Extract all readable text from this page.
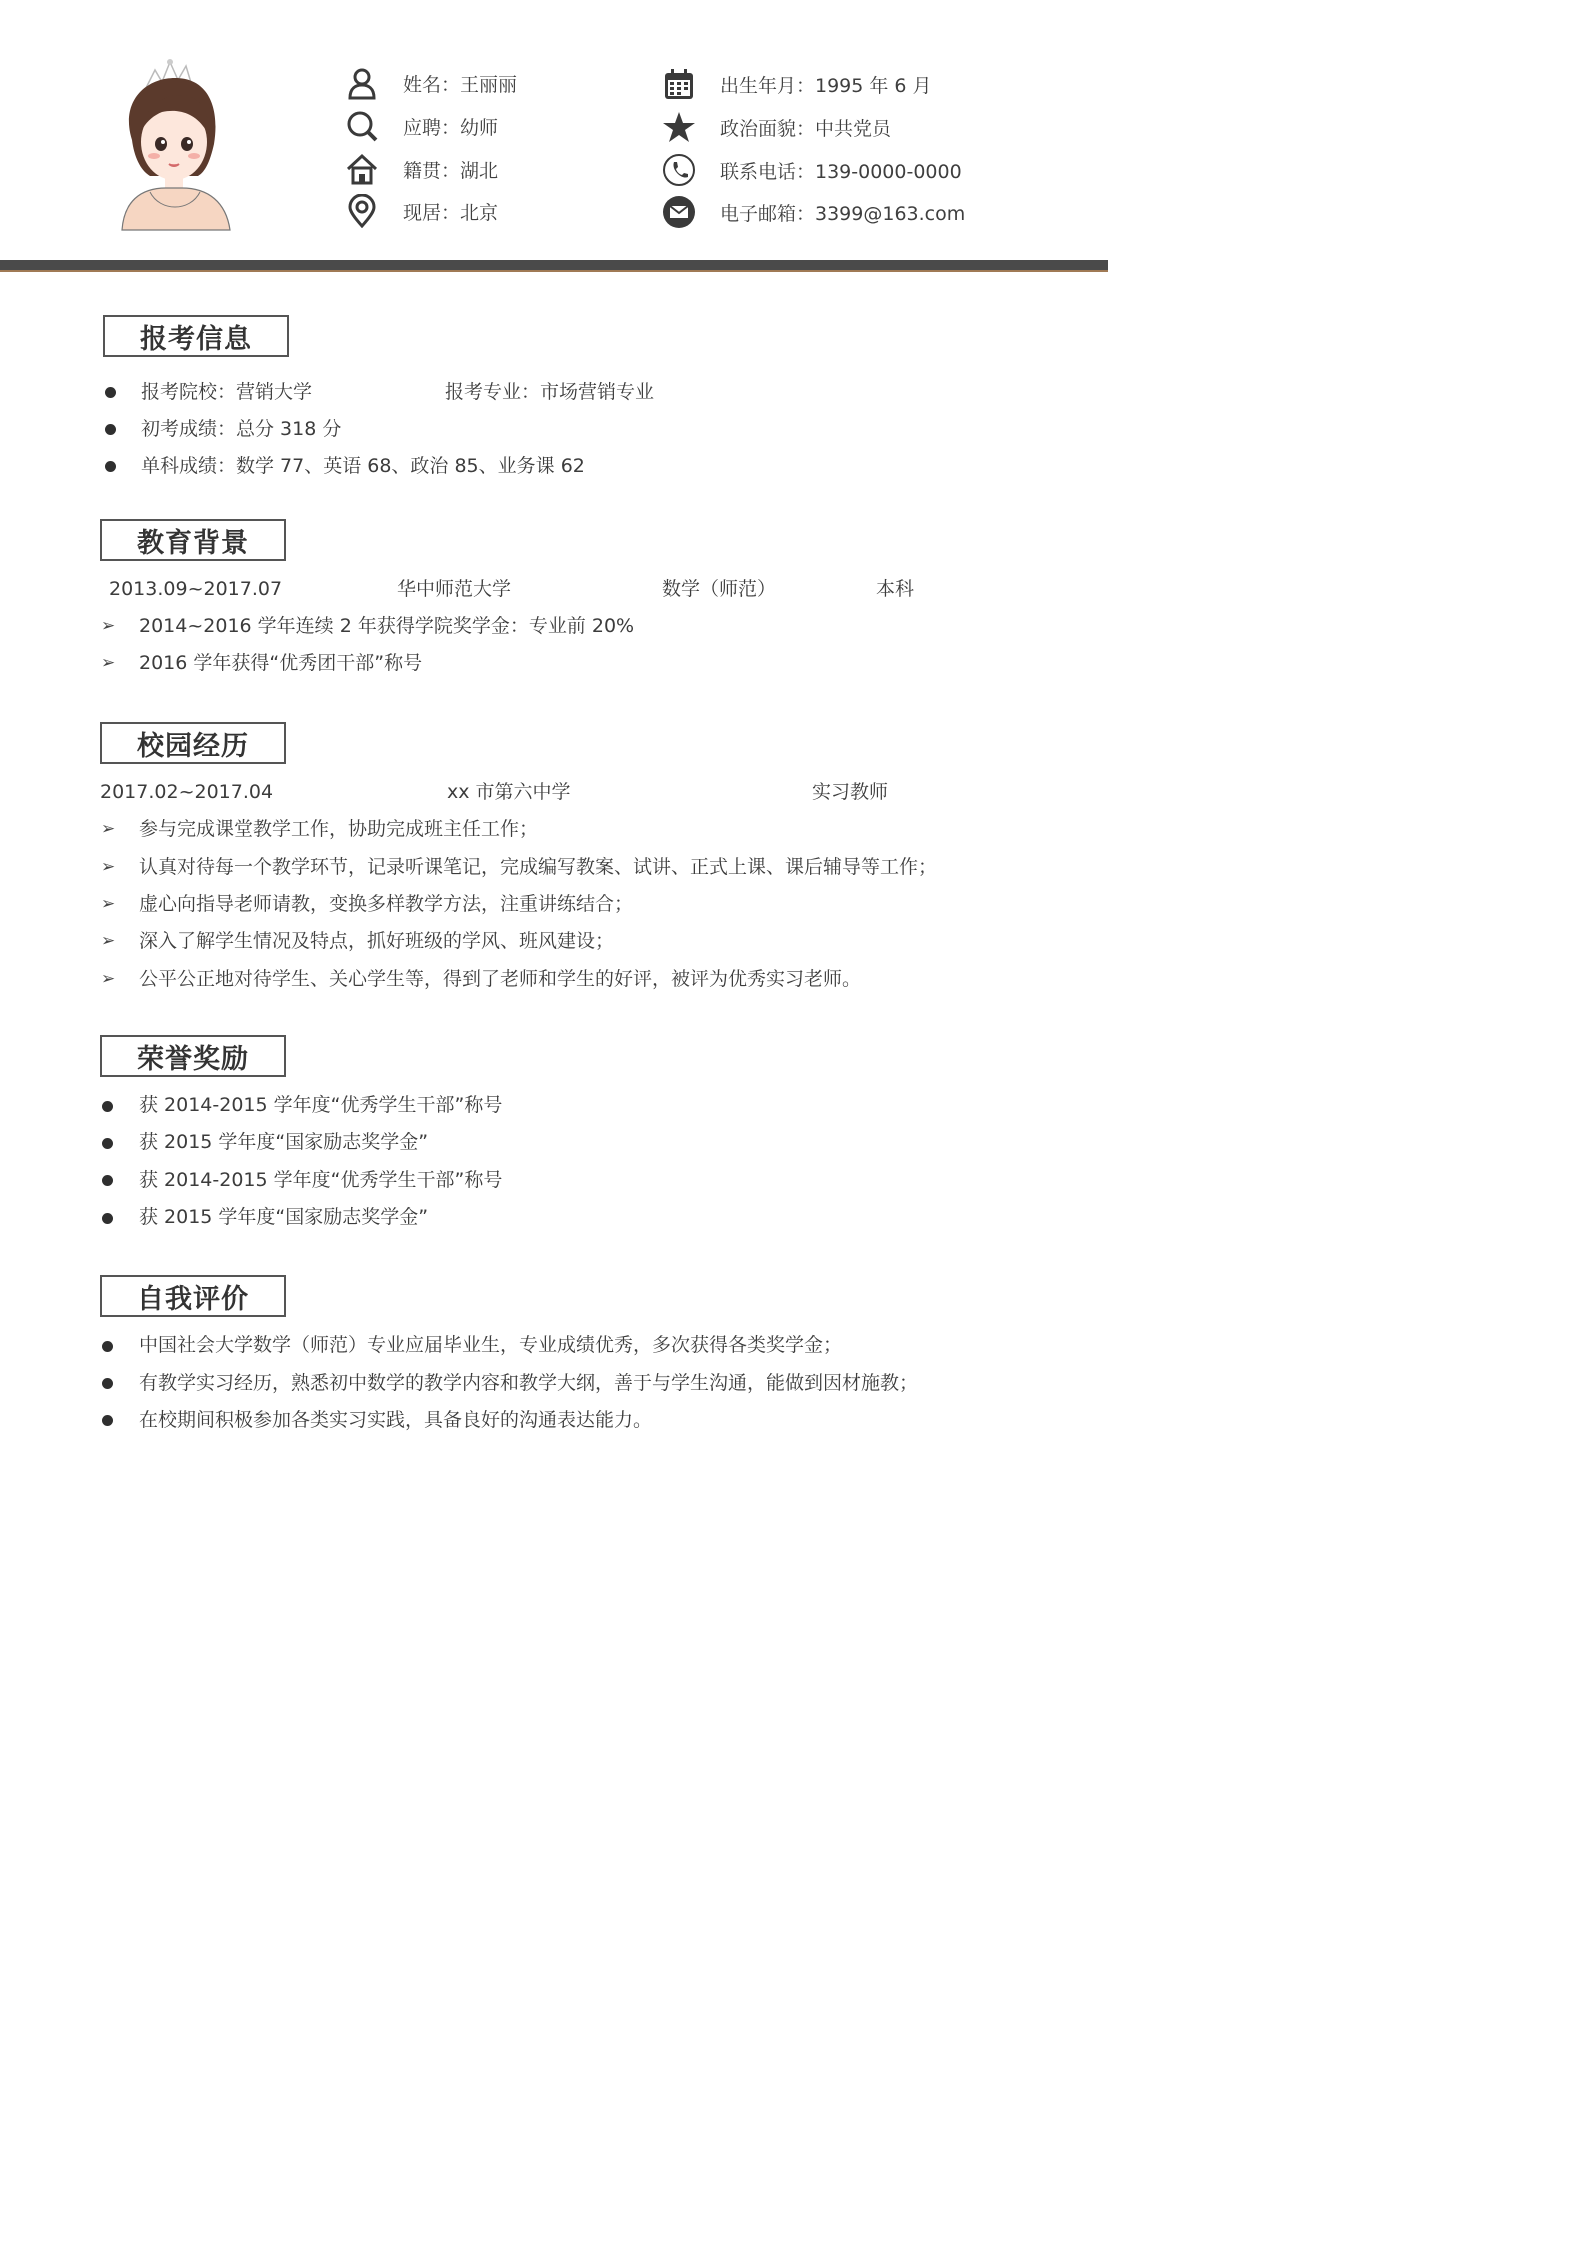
姓名：王丽丽
应聘：幼师
籍贯：湖北
现居：北京
出生年月：1995 年 6 月
政治面貌：中共党员
联系电话：139-0000-0000
电子邮箱：3399@163.com
报考信息
报考院校：营销大学	报考专业：市场营销专业
初考成绩：总分 318 分
单科成绩：数学 77、英语 68、政治 85、业务课 62
教育背景
2013.09~2017.07	华中师范大学	数学（师范）	本科
➢ 2014~2016 学年连续 2 年获得学院奖学金：专业前 20%
➢ 2016 学年获得“优秀团干部”称号
校园经历
2017.02~2017.04	xx 市第六中学	实习教师
➢ 参与完成课堂教学工作，协助完成班主任工作；
➢ 认真对待每一个教学环节，记录听课笔记，完成编写教案、试讲、正式上课、课后辅导等工作；
➢ 虚心向指导老师请教，变换多样教学方法，注重讲练结合；
➢ 深入了解学生情况及特点，抓好班级的学风、班风建设；
➢ 公平公正地对待学生、关心学生等，得到了老师和学生的好评，被评为优秀实习老师。
荣誉奖励
获 2014-2015 学年度“优秀学生干部”称号
获 2015 学年度“国家励志奖学金”
获 2014-2015 学年度“优秀学生干部”称号
获 2015 学年度“国家励志奖学金”
自我评价
中国社会大学数学（师范）专业应届毕业生，专业成绩优秀，多次获得各类奖学金；
有教学实习经历，熟悉初中数学的教学内容和教学大纲，善于与学生沟通，能做到因材施教；
在校期间积极参加各类实习实践，具备良好的沟通表达能力。
